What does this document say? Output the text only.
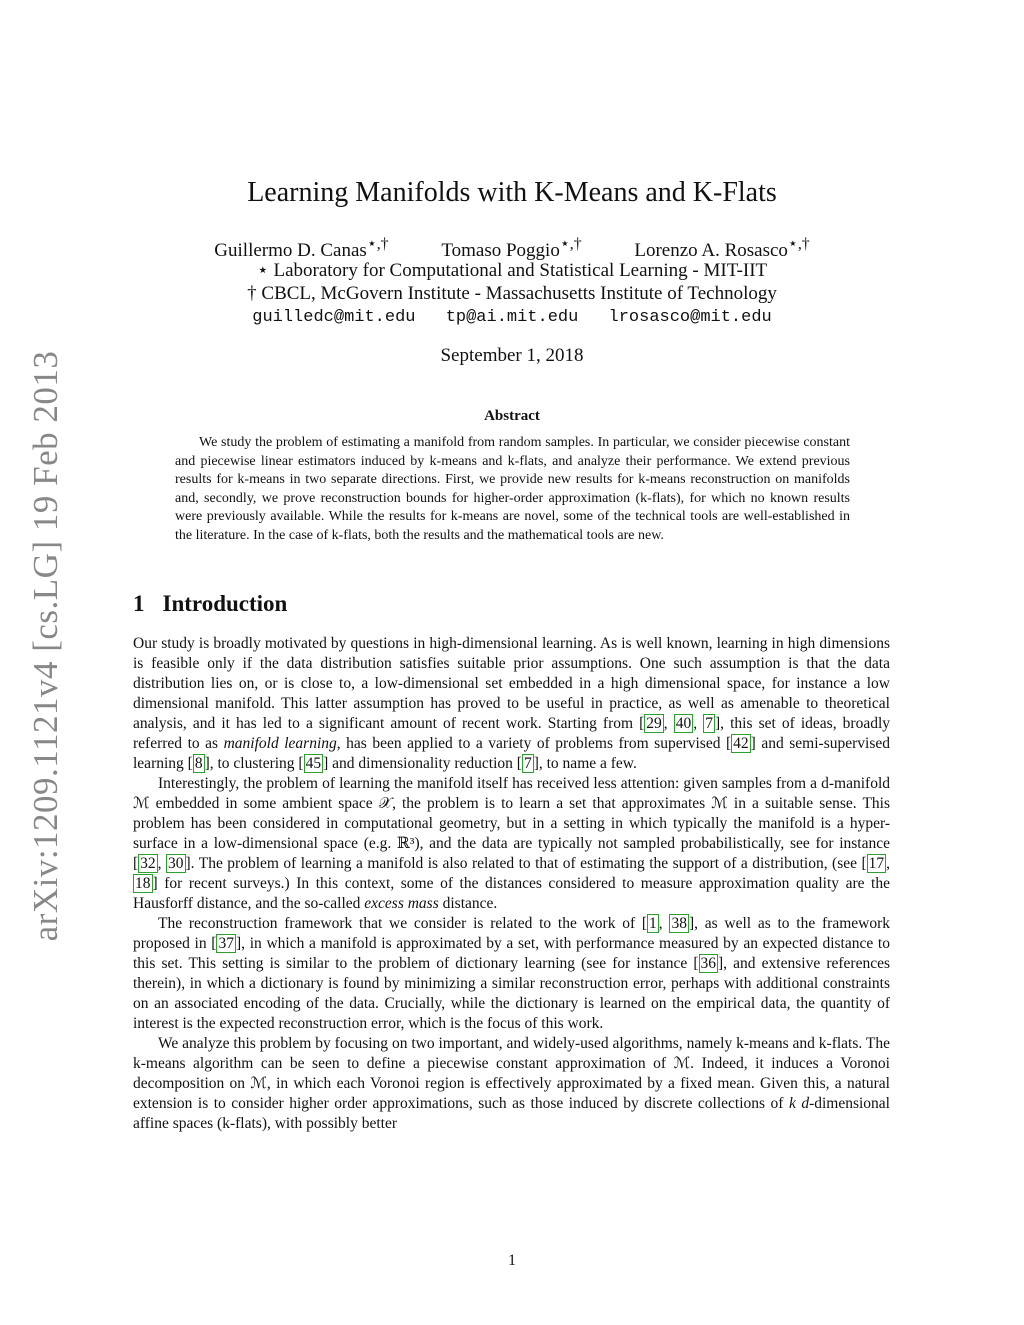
arXiv:1209.1121v4 [cs.LG] 19 Feb 2013
Learning Manifolds with K-Means and K-Flats
Guillermo D. Canas⋆,†	Tomaso Poggio⋆,†	Lorenzo A. Rosasco⋆,†
⋆ Laboratory for Computational and Statistical Learning - MIT-IIT
† CBCL, McGovern Institute - Massachusetts Institute of Technology
guilledc@mit.edu tp@ai.mit.edu lrosasco@mit.edu
September 1, 2018
Abstract
We study the problem of estimating a manifold from random samples. In particular, we consider piecewise constant and piecewise linear estimators induced by k-means and k-flats, and analyze their performance. We extend previous results for k-means in two separate directions. First, we provide new results for k-means reconstruction on manifolds and, secondly, we prove reconstruction bounds for higher-order approximation (k-flats), for which no known results were previously available. While the results for k-means are novel, some of the technical tools are well-established in the literature. In the case of k-flats, both the results and the mathematical tools are new.
1 Introduction

Our study is broadly motivated by questions in high-dimensional learning. As is well known, learning in high dimensions is feasible only if the data distribution satisfies suitable prior assumptions. One such assumption is that the data distribution lies on, or is close to, a low-dimensional set embedded in a high dimensional space, for instance a low dimensional manifold. This latter assumption has proved to be useful in practice, as well as amenable to theoretical analysis, and it has led to a significant amount of recent work. Starting from [ 29 , 40 , 7 ], this set of ideas, broadly referred to as manifold learning, has been applied to a variety of problems from supervised [ 42 ] and semi-supervised learning [ 8 ], to clustering [ 45 ] and dimensionality reduction [ 7 ], to name a few.

Interestingly, the problem of learning the manifold itself has received less attention: given samples from a d-manifold ℳ embedded in some ambient space 𝒳, the problem is to learn a set that approximates ℳ in a suitable sense. This problem has been considered in computational geometry, but in a setting in which typically the manifold is a hyper-surface in a low-dimensional space (e.g. ℝ³), and the data are typically not sampled probabilistically, see for instance [ 32 , 30 ]. The problem of learning a manifold is also related to that of estimating the support of a distribution, (see [ 17 , 18 ] for recent surveys.) In this context, some of the distances considered to measure approximation quality are the Hausforff distance, and the so-called excess mass distance.

The reconstruction framework that we consider is related to the work of [ 1 , 38 ], as well as to the framework proposed in [ 37 ], in which a manifold is approximated by a set, with performance measured by an expected distance to this set. This setting is similar to the problem of dictionary learning (see for instance [ 36 ], and extensive references therein), in which a dictionary is found by minimizing a similar reconstruction error, perhaps with additional constraints on an associated encoding of the data. Crucially, while the dictionary is learned on the empirical data, the quantity of interest is the expected reconstruction error, which is the focus of this work.

We analyze this problem by focusing on two important, and widely-used algorithms, namely k-means and k-flats. The k-means algorithm can be seen to define a piecewise constant approximation of ℳ. Indeed, it induces a Voronoi decomposition on ℳ, in which each Voronoi region is effectively approximated by a fixed mean. Given this, a natural extension is to consider higher order approximations, such as those induced by discrete collections of k d-dimensional affine spaces (k-flats), with possibly better

1
